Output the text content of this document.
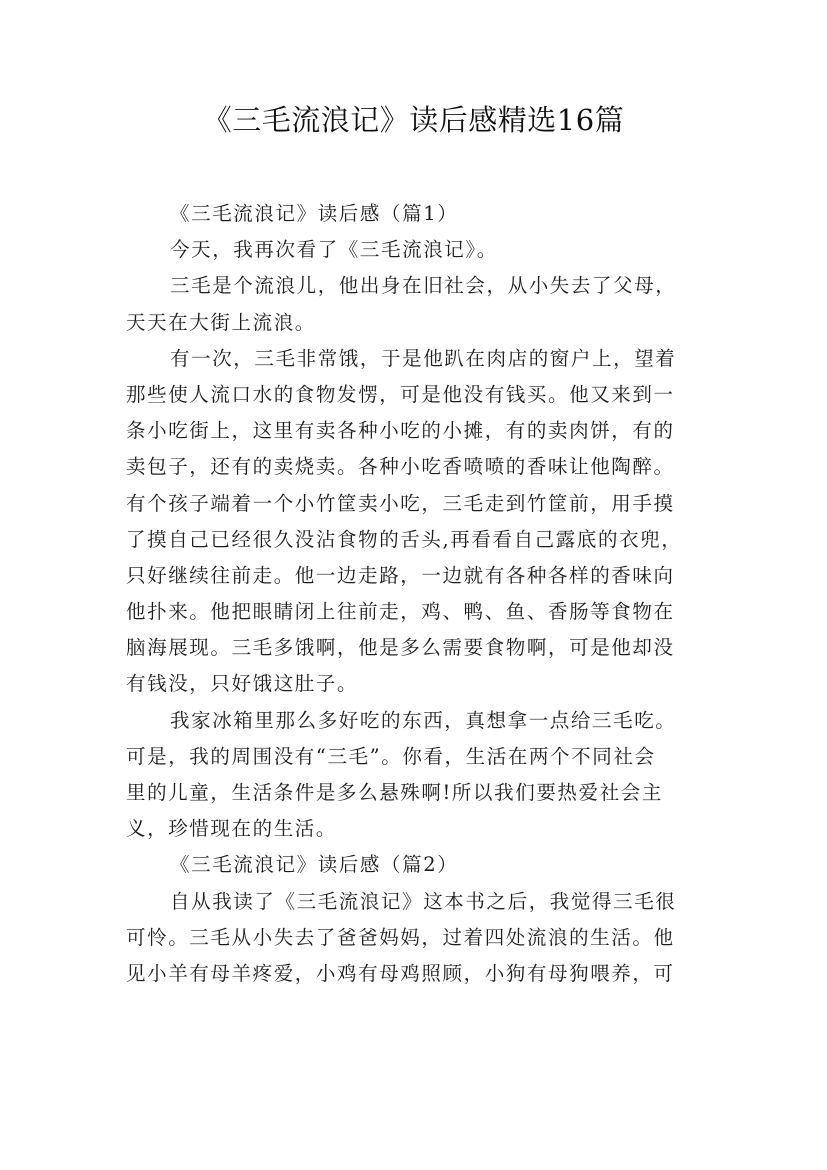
《三毛流浪记》读后感精选16篇
《三毛流浪记》读后感（篇1）
今天，我再次看了《三毛流浪记》。
三毛是个流浪儿，他出身在旧社会，从小失去了父母，
天天在大街上流浪。
有一次，三毛非常饿，于是他趴在肉店的窗户上，望着
那些使人流口水的食物发愣，可是他没有钱买。他又来到一
条小吃街上，这里有卖各种小吃的小摊，有的卖肉饼，有的
卖包子，还有的卖烧卖。各种小吃香喷喷的香味让他陶醉。
有个孩子端着一个小竹筐卖小吃，三毛走到竹筐前，用手摸
了摸自己已经很久没沾食物的舌头,再看看自己露底的衣兜，
只好继续往前走。他一边走路，一边就有各种各样的香味向
他扑来。他把眼睛闭上往前走，鸡、鸭、鱼、香肠等食物在
脑海展现。三毛多饿啊，他是多么需要食物啊，可是他却没
有钱没，只好饿这肚子。
我家冰箱里那么多好吃的东西，真想拿一点给三毛吃。
可是，我的周围没有“三毛”。你看，生活在两个不同社会
里的儿童，生活条件是多么悬殊啊!所以我们要热爱社会主
义，珍惜现在的生活。
《三毛流浪记》读后感（篇2）
自从我读了《三毛流浪记》这本书之后，我觉得三毛很
可怜。三毛从小失去了爸爸妈妈，过着四处流浪的生活。他
见小羊有母羊疼爱，小鸡有母鸡照顾，小狗有母狗喂养，可
